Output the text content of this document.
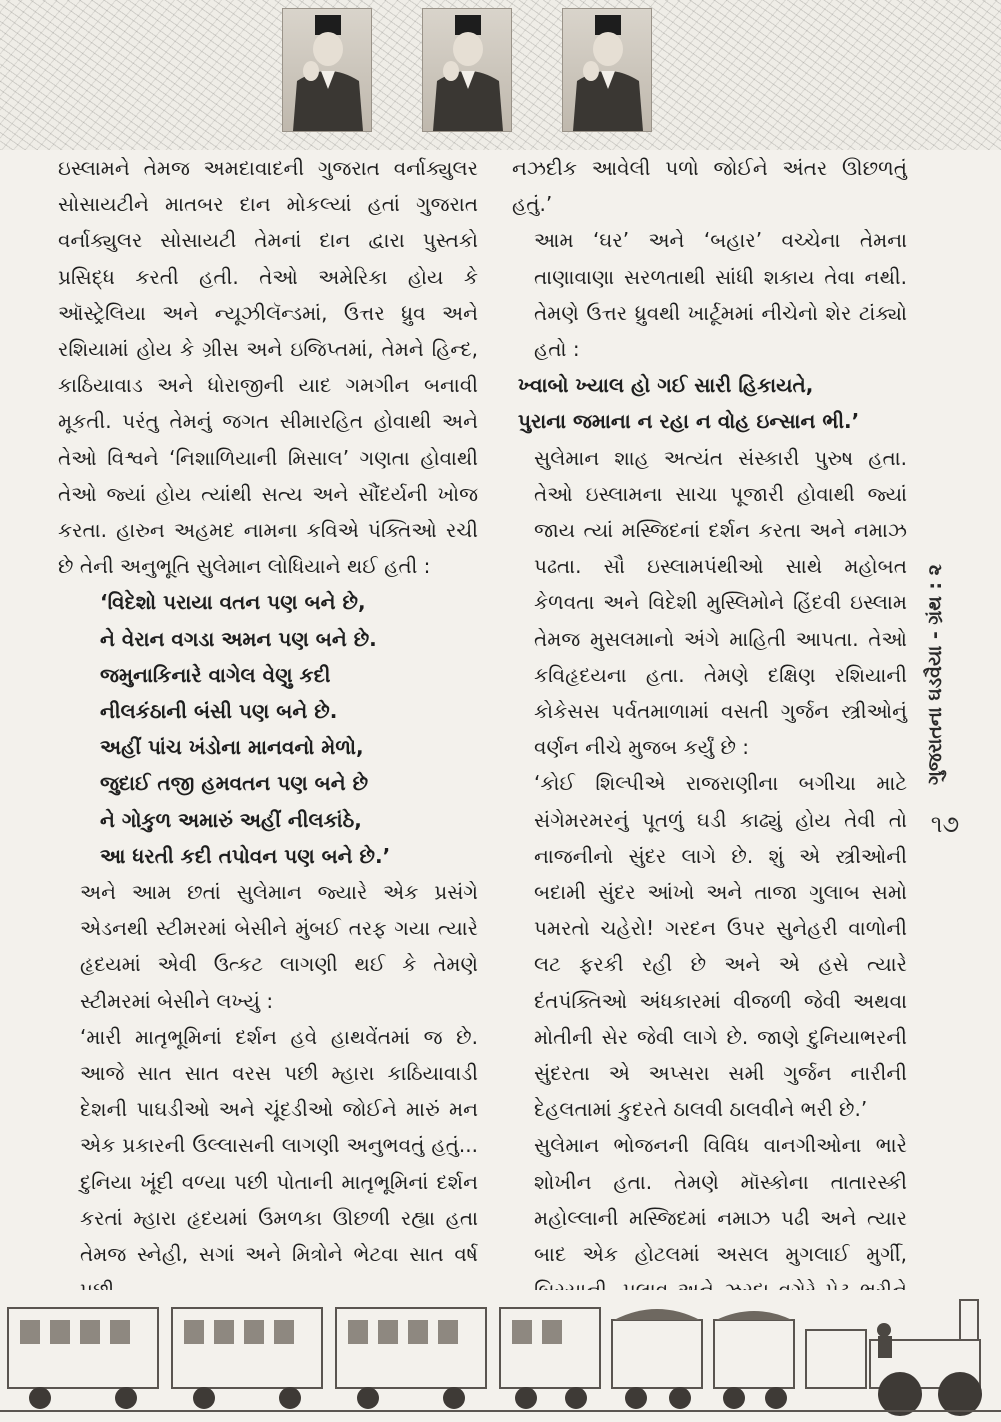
ઇસ્લામને તેમજ અમદાવાદની ગુજરાત વર્નાક્યુલર સોસાયટીને માતબર દાન મોકલ્યાં હતાં ગુજરાત વર્નાક્યુલર સોસાયટી તેમનાં દાન દ્વારા પુસ્તકો પ્રસિદ્ધ કરતી હતી. તેઓ અમેરિકા હોય કે ઑસ્ટ્રેલિયા અને ન્યૂઝીલૅન્ડમાં, ઉત્તર ધ્રુવ અને રશિયામાં હોય કે ગ્રીસ અને ઇજિપ્તમાં, તેમને હિન્દ, કાઠિયાવાડ અને ધોરાજીની યાદ ગમગીન બનાવી મૂકતી. પરંતુ તેમનું જગત સીમારહિત હોવાથી અને તેઓ વિશ્વને ‘નિશાળિયાની મિસાલ’ ગણતા હોવાથી તેઓ જ્યાં હોય ત્યાંથી સત્ય અને સૌંદર્યની ખોજ કરતા. હારુન અહમદ નામના કવિએ પંક્તિઓ રચી છે તેની અનુભૂતિ સુલેમાન લોધિયાને થઈ હતી :

‘વિદેશો પરાયા વતન પણ બને છે,
ને વેરાન વગડા અમન પણ બને છે.
જમુનાકિનારે વાગેલ વેણુ કદી
નીલકંઠાની બંસી પણ બને છે.
અહીં પાંચ ખંડોના માનવનો મેળો,
જુદાઈ તજી હમવતન પણ બને છે
ને ગોકુળ અમારું અહીં નીલકાંઠે,
આ ધરતી કદી તપોવન પણ બને છે.’

અને આમ છતાં સુલેમાન જ્યારે એક પ્રસંગે એડનથી સ્ટીમરમાં બેસીને મુંબઈ તરફ ગયા ત્યારે હૃદયમાં એવી ઉત્કટ લાગણી થઈ કે તેમણે સ્ટીમરમાં બેસીને લખ્યું :

‘મારી માતૃભૂમિનાં દર્શન હવે હાથવેંતમાં જ છે. આજે સાત સાત વરસ પછી મ્હારા કાઠિયાવાડી દેશની પાઘડીઓ અને ચૂંદડીઓ જોઈને મારું મન એક પ્રકારની ઉલ્લાસની લાગણી અનુભવતું હતું... દુનિયા ખૂંદી વળ્યા પછી પોતાની માતૃભૂમિનાં દર્શન કરતાં મ્હારા હૃદયમાં ઉમળકા ઊછળી રહ્યા હતા તેમજ સ્નેહી, સગાં અને મિત્રોને ભેટવા સાત વર્ષ

નઝદીક આવેલી પળો જોઈને અંતર ઊછળતું હતું.’

આમ ‘ઘર’ અને ‘બહાર’ વચ્ચેના તેમના તાણાવાણા સરળતાથી સાંધી શકાય તેવા નથી. તેમણે ઉત્તર ધ્રુવથી ખાર્ટૂમમાં નીચેનો શેર ટાંક્યો હતો :

ખ્વાબો ખ્યાલ હો ગઈ સારી હિકાયતે,
પુરાના જમાના ન રહા ન વોહ ઇન્સાન ભી.’

સુલેમાન શાહ અત્યંત સંસ્કારી પુરુષ હતા. તેઓ ઇસ્લામના સાચા પૂજારી હોવાથી જ્યાં જાય ત્યાં મસ્જિદનાં દર્શન કરતા અને નમાઝ પઢતા. સૌ ઇસ્લામપંથીઓ સાથે મહોબત કેળવતા અને વિદેશી મુસ્લિમોને હિંદવી ઇસ્લામ તેમજ મુસલમાનો અંગે માહિતી આપતા. તેઓ કવિહૃદયના હતા. તેમણે દક્ષિણ રશિયાની કોકેસસ પર્વતમાળામાં વસતી ગુર્જન સ્ત્રીઓનું વર્ણન નીચે મુજબ કર્યું છે :

‘કોઈ શિલ્પીએ રાજરાણીના બગીચા માટે સંગેમરમરનું પૂતળું ઘડી કાઢ્યું હોય તેવી તો નાજનીનો સુંદર લાગે છે. શું એ સ્ત્રીઓની બદામી સુંદર આંખો અને તાજા ગુલાબ સમો પમરતો ચહેરો! ગરદન ઉપર સુનેહરી વાળોની લટ ફરકી રહી છે અને એ હસે ત્યારે દંતપંક્તિઓ અંધકારમાં વીજળી જેવી અથવા મોતીની સેર જેવી લાગે છે. જાણે દુનિયાભરની સુંદરતા એ અપ્સરા સમી ગુર્જન નારીની દેહલતામાં કુદરતે ઠાલવી ઠાલવીને ભરી છે.’

સુલેમાન ભોજનની વિવિધ વાનગીઓના ભારે શોખીન હતા. તેમણે મૉસ્કોના તાતારસ્કી મહોલ્લાની મસ્જિદમાં નમાઝ પઢી અને ત્યાર બાદ એક હોટલમાં અસલ મુગલાઈ મુર્ગી,

ગુજરાતના ઘડવૈયા - ગ્રંથ : ૨
૧૭
